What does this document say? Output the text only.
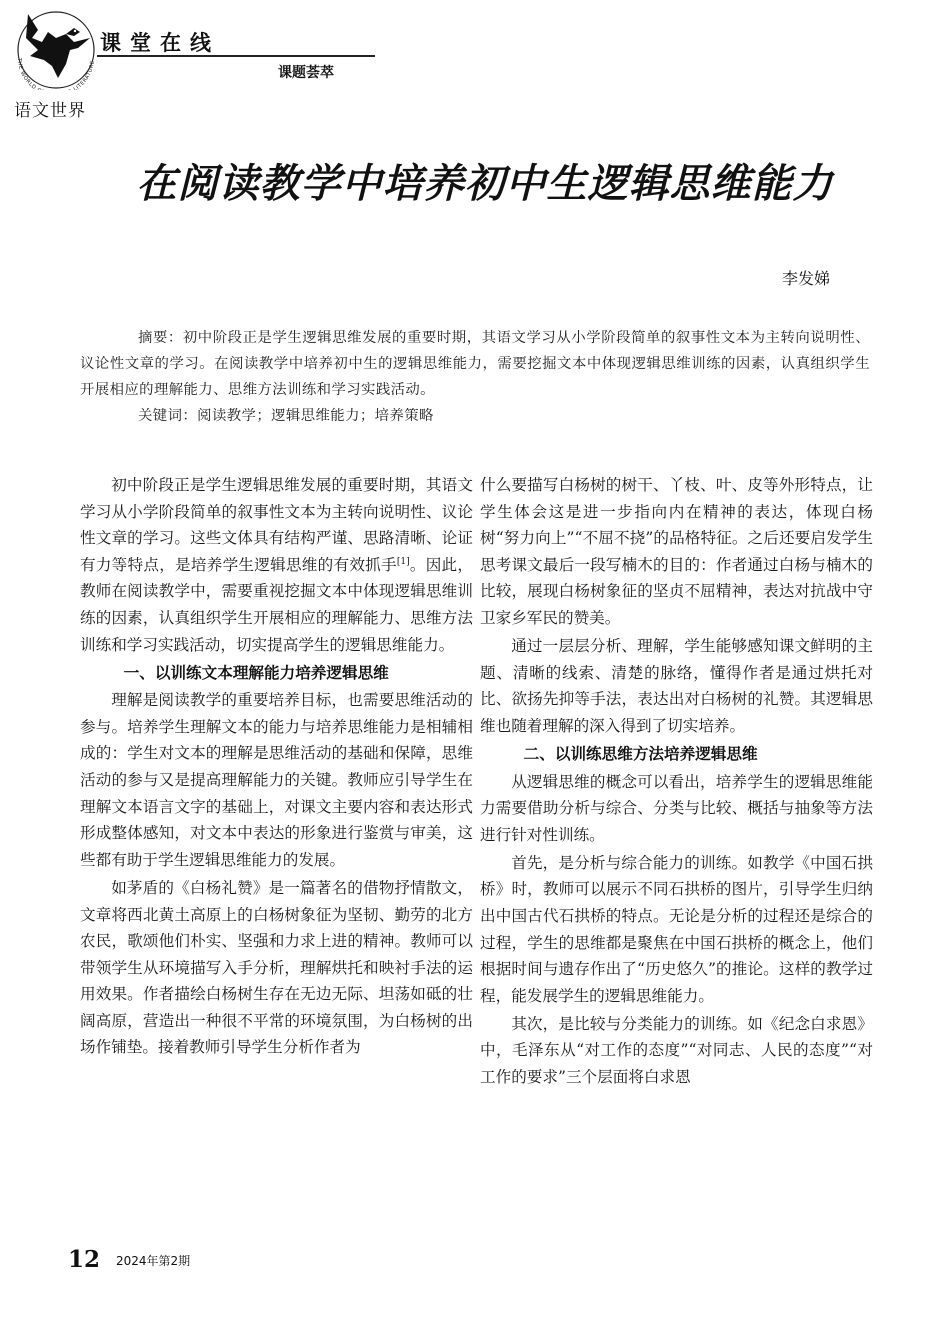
THE WORLD LITERATURE
语文世界
课堂在线
课题荟萃
在阅读教学中培养初中生逻辑思维能力
李发娣

摘要：初中阶段正是学生逻辑思维发展的重要时期，其语文学习从小学阶段简单的叙事性文本为主转向说明性、议论性文章的学习。在阅读教学中培养初中生的逻辑思维能力，需要挖掘文本中体现逻辑思维训练的因素，认真组织学生开展相应的理解能力、思维方法训练和学习实践活动。

关键词：阅读教学；逻辑思维能力；培养策略

初中阶段正是学生逻辑思维发展的重要时期，其语文学习从小学阶段简单的叙事性文本为主转向说明性、议论性文章的学习。这些文体具有结构严谨、思路清晰、论证有力等特点，是培养学生逻辑思维的有效抓手[1]。因此，教师在阅读教学中，需要重视挖掘文本中体现逻辑思维训练的因素，认真组织学生开展相应的理解能力、思维方法训练和学习实践活动，切实提高学生的逻辑思维能力。

一、以训练文本理解能力培养逻辑思维

理解是阅读教学的重要培养目标，也需要思维活动的参与。培养学生理解文本的能力与培养思维能力是相辅相成的：学生对文本的理解是思维活动的基础和保障，思维活动的参与又是提高理解能力的关键。教师应引导学生在理解文本语言文字的基础上，对课文主要内容和表达形式形成整体感知，对文本中表达的形象进行鉴赏与审美，这些都有助于学生逻辑思维能力的发展。

如茅盾的《白杨礼赞》是一篇著名的借物抒情散文，文章将西北黄土高原上的白杨树象征为坚韧、勤劳的北方农民，歌颂他们朴实、坚强和力求上进的精神。教师可以带领学生从环境描写入手分析，理解烘托和映衬手法的运用效果。作者描绘白杨树生存在无边无际、坦荡如砥的壮阔高原，营造出一种很不平常的环境氛围，为白杨树的出场作铺垫。接着教师引导学生分析作者为

什么要描写白杨树的树干、丫枝、叶、皮等外形特点，让学生体会这是进一步指向内在精神的表达，体现白杨树“努力向上”“不屈不挠”的品格特征。之后还要启发学生思考课文最后一段写楠木的目的：作者通过白杨与楠木的比较，展现白杨树象征的坚贞不屈精神，表达对抗战中守卫家乡军民的赞美。

通过一层层分析、理解，学生能够感知课文鲜明的主题、清晰的线索、清楚的脉络，懂得作者是通过烘托对比、欲扬先抑等手法，表达出对白杨树的礼赞。其逻辑思维也随着理解的深入得到了切实培养。

二、以训练思维方法培养逻辑思维

从逻辑思维的概念可以看出，培养学生的逻辑思维能力需要借助分析与综合、分类与比较、概括与抽象等方法进行针对性训练。

首先，是分析与综合能力的训练。如教学《中国石拱桥》时，教师可以展示不同石拱桥的图片，引导学生归纳出中国古代石拱桥的特点。无论是分析的过程还是综合的过程，学生的思维都是聚焦在中国石拱桥的概念上，他们根据时间与遗存作出了“历史悠久”的推论。这样的教学过程，能发展学生的逻辑思维能力。

其次，是比较与分类能力的训练。如《纪念白求恩》中，毛泽东从“对工作的态度”“对同志、人民的态度”“对工作的要求”三个层面将白求恩

12 2024年第2期
